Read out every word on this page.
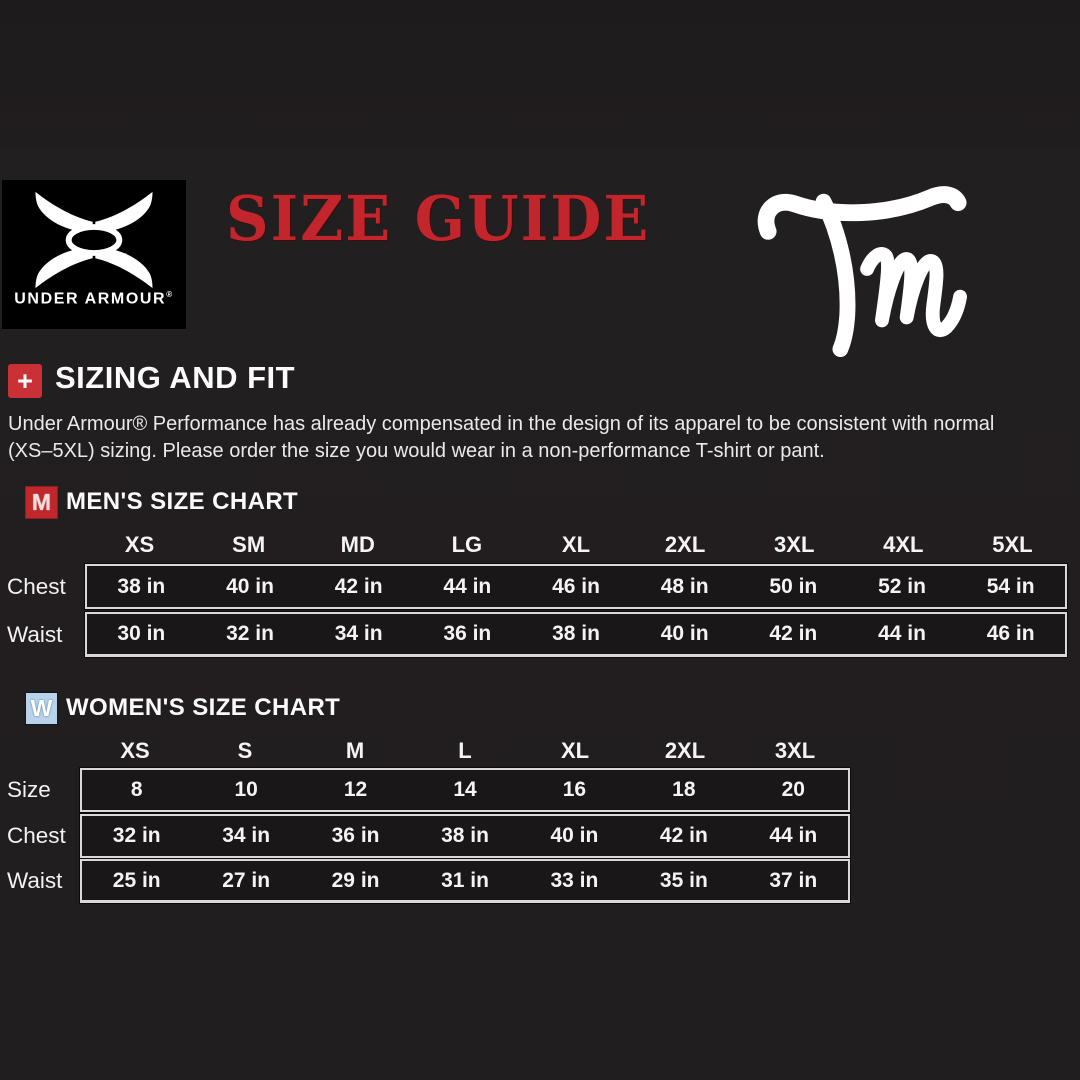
UNDER ARMOUR®
SIZE GUIDE
+ SIZING AND FIT

Under Armour® Performance has already compensated in the design of its apparel to be consistent with normal
(XS–5XL) sizing. Please order the size you would wear in a non-performance T-shirt or pant.

M MEN'S SIZE CHART
XS	SM	MD	LG	XL	2XL	3XL	4XL	5XL
Chest	38 in	40 in	42 in	44 in	46 in	48 in	50 in	52 in	54 in
Waist	30 in	32 in	34 in	36 in	38 in	40 in	42 in	44 in	46 in
W WOMEN'S SIZE CHART
XS	S	M	L	XL	2XL	3XL
Size	8	10	12	14	16	18	20
Chest	32 in	34 in	36 in	38 in	40 in	42 in	44 in
Waist	25 in	27 in	29 in	31 in	33 in	35 in	37 in
